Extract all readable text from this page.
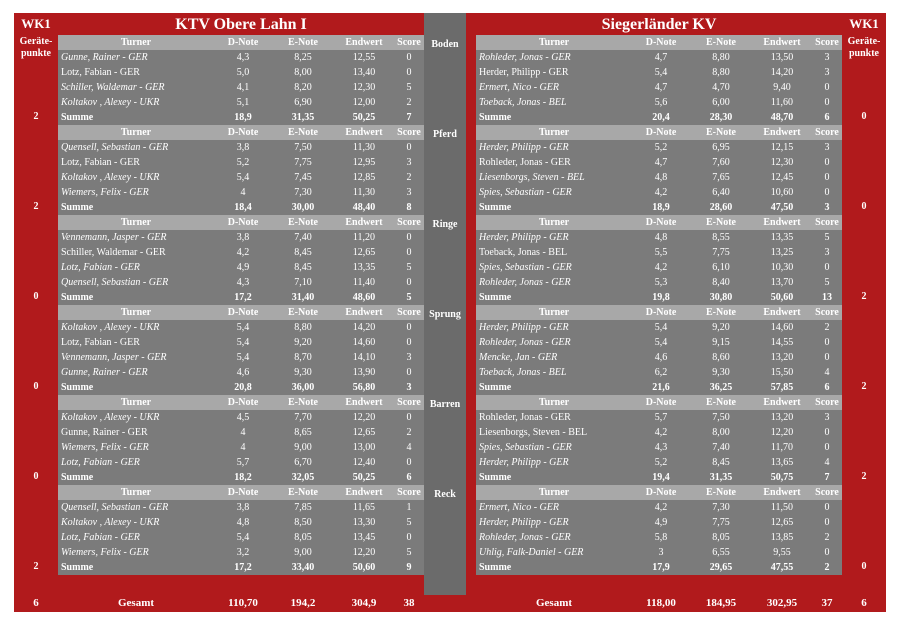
WK1
Geräte-
punkte
2
2
0
0
0
2
WK1
Geräte-
punkte
0
0
2
2
2
0
KTV Obere Lahn I	Siegerländer KV
Boden
Pferd
Ringe
Sprung
Barren
Reck
Turner	D-Note	E-Note	Endwert	Score
Gunne, Rainer - GER	4,3	8,25	12,55	0
Lotz, Fabian - GER	5,0	8,00	13,40	0
Schiller, Waldemar - GER	4,1	8,20	12,30	5
Koltakov , Alexey - UKR	5,1	6,90	12,00	2
Summe	18,9	31,35	50,25	7
Turner	D-Note	E-Note	Endwert	Score
Quensell, Sebastian - GER	3,8	7,50	11,30	0
Lotz, Fabian - GER	5,2	7,75	12,95	3
Koltakov , Alexey - UKR	5,4	7,45	12,85	2
Wiemers, Felix - GER	4	7,30	11,30	3
Summe	18,4	30,00	48,40	8
Turner	D-Note	E-Note	Endwert	Score
Vennemann, Jasper - GER	3,8	7,40	11,20	0
Schiller, Waldemar - GER	4,2	8,45	12,65	0
Lotz, Fabian - GER	4,9	8,45	13,35	5
Quensell, Sebastian - GER	4,3	7,10	11,40	0
Summe	17,2	31,40	48,60	5
Turner	D-Note	E-Note	Endwert	Score
Koltakov , Alexey - UKR	5,4	8,80	14,20	0
Lotz, Fabian - GER	5,4	9,20	14,60	0
Vennemann, Jasper - GER	5,4	8,70	14,10	3
Gunne, Rainer - GER	4,6	9,30	13,90	0
Summe	20,8	36,00	56,80	3
Turner	D-Note	E-Note	Endwert	Score
Koltakov , Alexey - UKR	4,5	7,70	12,20	0
Gunne, Rainer - GER	4	8,65	12,65	2
Wiemers, Felix - GER	4	9,00	13,00	4
Lotz, Fabian - GER	5,7	6,70	12,40	0
Summe	18,2	32,05	50,25	6
Turner	D-Note	E-Note	Endwert	Score
Quensell, Sebastian - GER	3,8	7,85	11,65	1
Koltakov , Alexey - UKR	4,8	8,50	13,30	5
Lotz, Fabian - GER	5,4	8,05	13,45	0
Wiemers, Felix - GER	3,2	9,00	12,20	5
Summe	17,2	33,40	50,60	9
Turner	D-Note	E-Note	Endwert	Score
Rohleder, Jonas - GER	4,7	8,80	13,50	3
Herder, Philipp - GER	5,4	8,80	14,20	3
Ermert, Nico - GER	4,7	4,70	9,40	0
Toeback, Jonas - BEL	5,6	6,00	11,60	0
Summe	20,4	28,30	48,70	6
Turner	D-Note	E-Note	Endwert	Score
Herder, Philipp - GER	5,2	6,95	12,15	3
Rohleder, Jonas - GER	4,7	7,60	12,30	0
Liesenborgs, Steven - BEL	4,8	7,65	12,45	0
Spies, Sebastian - GER	4,2	6,40	10,60	0
Summe	18,9	28,60	47,50	3
Turner	D-Note	E-Note	Endwert	Score
Herder, Philipp - GER	4,8	8,55	13,35	5
Toeback, Jonas - BEL	5,5	7,75	13,25	3
Spies, Sebastian - GER	4,2	6,10	10,30	0
Rohleder, Jonas - GER	5,3	8,40	13,70	5
Summe	19,8	30,80	50,60	13
Turner	D-Note	E-Note	Endwert	Score
Herder, Philipp - GER	5,4	9,20	14,60	2
Rohleder, Jonas - GER	5,4	9,15	14,55	0
Mencke, Jan - GER	4,6	8,60	13,20	0
Toeback, Jonas - BEL	6,2	9,30	15,50	4
Summe	21,6	36,25	57,85	6
Turner	D-Note	E-Note	Endwert	Score
Rohleder, Jonas - GER	5,7	7,50	13,20	3
Liesenborgs, Steven - BEL	4,2	8,00	12,20	0
Spies, Sebastian - GER	4,3	7,40	11,70	0
Herder, Philipp - GER	5,2	8,45	13,65	4
Summe	19,4	31,35	50,75	7
Turner	D-Note	E-Note	Endwert	Score
Ermert, Nico - GER	4,2	7,30	11,50	0
Herder, Philipp - GER	4,9	7,75	12,65	0
Rohleder, Jonas - GER	5,8	8,05	13,85	2
Uhlig, Falk-Daniel - GER	3	6,55	9,55	0
Summe	17,9	29,65	47,55	2
6	Gesamt	110,70	194,2	304,9	38	6
Gesamt	118,00	184,95	302,95	37
